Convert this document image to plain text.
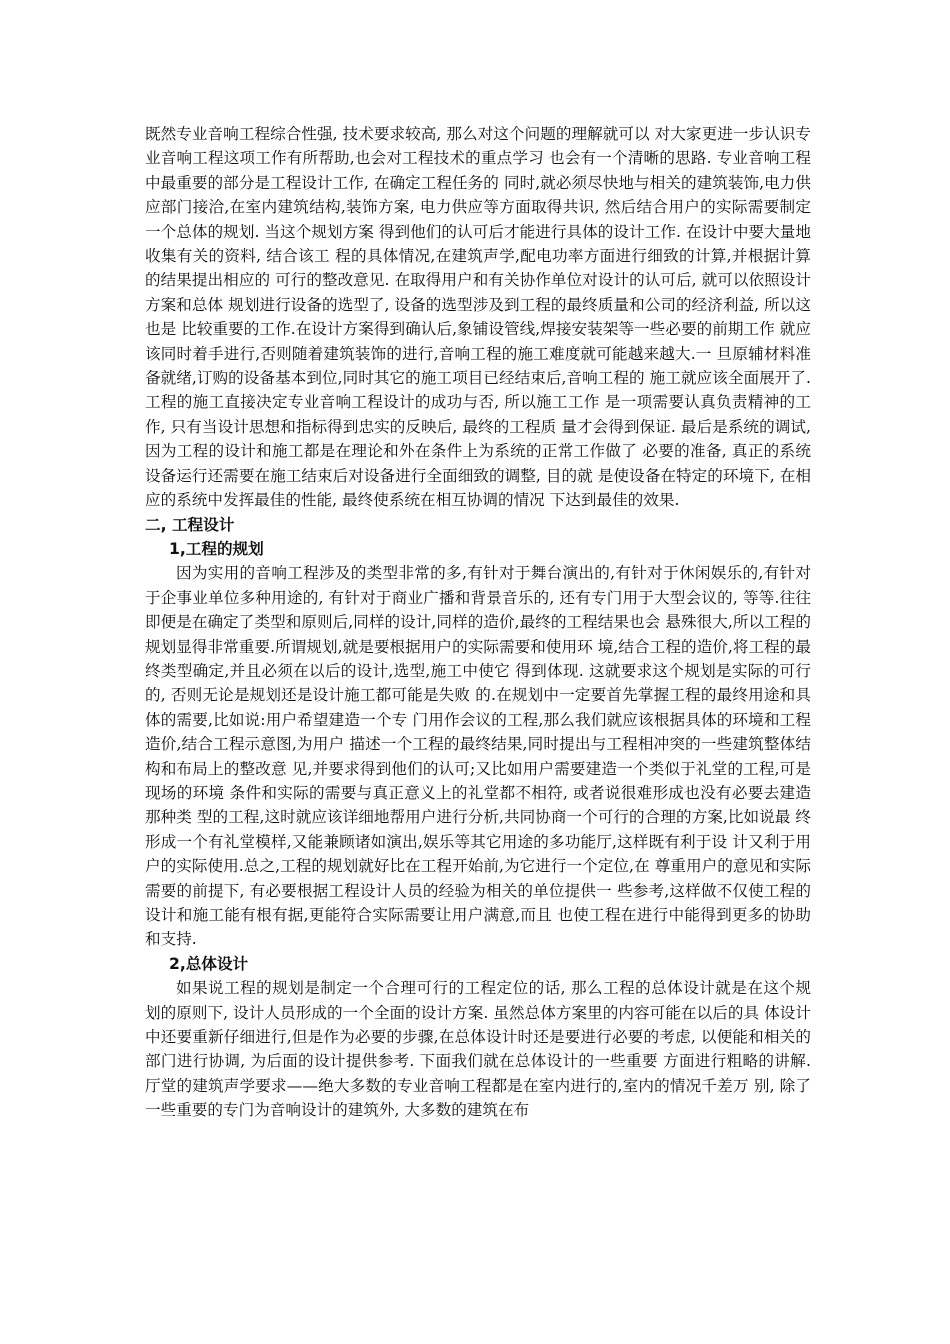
既然专业音响工程综合性强, 技术要求较高, 那么对这个问题的理解就可以 对大家更进一步认识专业音响工程这项工作有所帮助,也会对工程技术的重点学习 也会有一个清晰的思路. 专业音响工程中最重要的部分是工程设计工作, 在确定工程任务的 同时,就必须尽快地与相关的建筑装饰,电力供应部门接洽,在室内建筑结构,装饰方案, 电力供应等方面取得共识, 然后结合用户的实际需要制定一个总体的规划. 当这个规划方案 得到他们的认可后才能进行具体的设计工作. 在设计中要大量地收集有关的资料, 结合该工 程的具体情况,在建筑声学,配电功率方面进行细致的计算,并根据计算的结果提出相应的 可行的整改意见. 在取得用户和有关协作单位对设计的认可后, 就可以依照设计方案和总体 规划进行设备的选型了, 设备的选型涉及到工程的最终质量和公司的经济利益, 所以这也是 比较重要的工作.在设计方案得到确认后,象铺设管线,焊接安装架等一些必要的前期工作 就应该同时着手进行,否则随着建筑装饰的进行,音响工程的施工难度就可能越来越大.一 旦原辅材料准备就绪,订购的设备基本到位,同时其它的施工项目已经结束后,音响工程的 施工就应该全面展开了. 工程的施工直接决定专业音响工程设计的成功与否, 所以施工工作 是一项需要认真负责精神的工作, 只有当设计思想和指标得到忠实的反映后, 最终的工程质 量才会得到保证. 最后是系统的调试, 因为工程的设计和施工都是在理论和外在条件上为系统的正常工作做了 必要的准备, 真正的系统设备运行还需要在施工结束后对设备进行全面细致的调整, 目的就 是使设备在特定的环境下, 在相应的系统中发挥最佳的性能, 最终使系统在相互协调的情况 下达到最佳的效果.

二, 工程设计

1,工程的规划

因为实用的音响工程涉及的类型非常的多,有针对于舞台演出的,有针对于休闲娱乐的,有针对于企事业单位多种用途的, 有针对于商业广播和背景音乐的, 还有专门用于大型会议的, 等等.往往即便是在确定了类型和原则后,同样的设计,同样的造价,最终的工程结果也会 悬殊很大,所以工程的规划显得非常重要.所谓规划,就是要根据用户的实际需要和使用环 境,结合工程的造价,将工程的最终类型确定,并且必须在以后的设计,选型,施工中使它 得到体现. 这就要求这个规划是实际的可行的, 否则无论是规划还是设计施工都可能是失败 的.在规划中一定要首先掌握工程的最终用途和具体的需要,比如说:用户希望建造一个专 门用作会议的工程,那么我们就应该根据具体的环境和工程造价,结合工程示意图,为用户 描述一个工程的最终结果,同时提出与工程相冲突的一些建筑整体结构和布局上的整改意 见,并要求得到他们的认可;又比如用户需要建造一个类似于礼堂的工程,可是现场的环境 条件和实际的需要与真正意义上的礼堂都不相符, 或者说很难形成也没有必要去建造那种类 型的工程,这时就应该详细地帮用户进行分析,共同协商一个可行的合理的方案,比如说最 终形成一个有礼堂模样,又能兼顾诸如演出,娱乐等其它用途的多功能厅,这样既有利于设 计又利于用户的实际使用.总之,工程的规划就好比在工程开始前,为它进行一个定位,在 尊重用户的意见和实际需要的前提下, 有必要根据工程设计人员的经验为相关的单位提供一 些参考,这样做不仅使工程的设计和施工能有根有据,更能符合实际需要让用户满意,而且 也使工程在进行中能得到更多的协助和支持.

2,总体设计

如果说工程的规划是制定一个合理可行的工程定位的话, 那么工程的总体设计就是在这个规 划的原则下, 设计人员形成的一个全面的设计方案. 虽然总体方案里的内容可能在以后的具 体设计中还要重新仔细进行,但是作为必要的步骤,在总体设计时还是要进行必要的考虑, 以便能和相关的部门进行协调, 为后面的设计提供参考. 下面我们就在总体设计的一些重要 方面进行粗略的讲解. 厅堂的建筑声学要求——绝大多数的专业音响工程都是在室内进行的,室内的情况千差万 别, 除了一些重要的专门为音响设计的建筑外, 大多数的建筑在布
